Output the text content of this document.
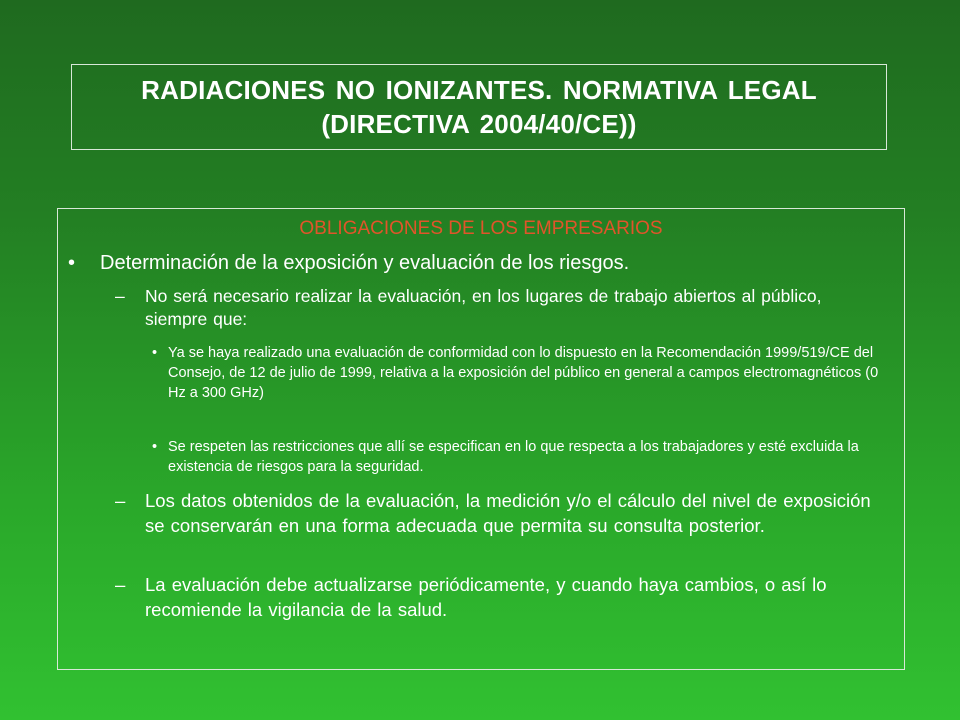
RADIACIONES NO IONIZANTES. NORMATIVA LEGAL (DIRECTIVA 2004/40/CE))
OBLIGACIONES DE LOS EMPRESARIOS
• Determinación de la exposición y evaluación de los riesgos.
– No será necesario realizar la evaluación, en los lugares de trabajo abiertos al público, siempre que:
• Ya se haya realizado una evaluación de conformidad con lo dispuesto en la Recomendación 1999/519/CE del Consejo, de 12 de julio de 1999, relativa a la exposición del público en general a campos electromagnéticos (0 Hz a 300 GHz)
• Se respeten las restricciones que allí se especifican en lo que respecta a los trabajadores y esté excluida la existencia de riesgos para la seguridad.
– Los datos obtenidos de la evaluación, la medición y/o el cálculo del nivel de exposición se conservarán en una forma adecuada que permita su consulta posterior.
– La evaluación debe actualizarse periódicamente, y cuando haya cambios, o así lo recomiende la vigilancia de la salud.
